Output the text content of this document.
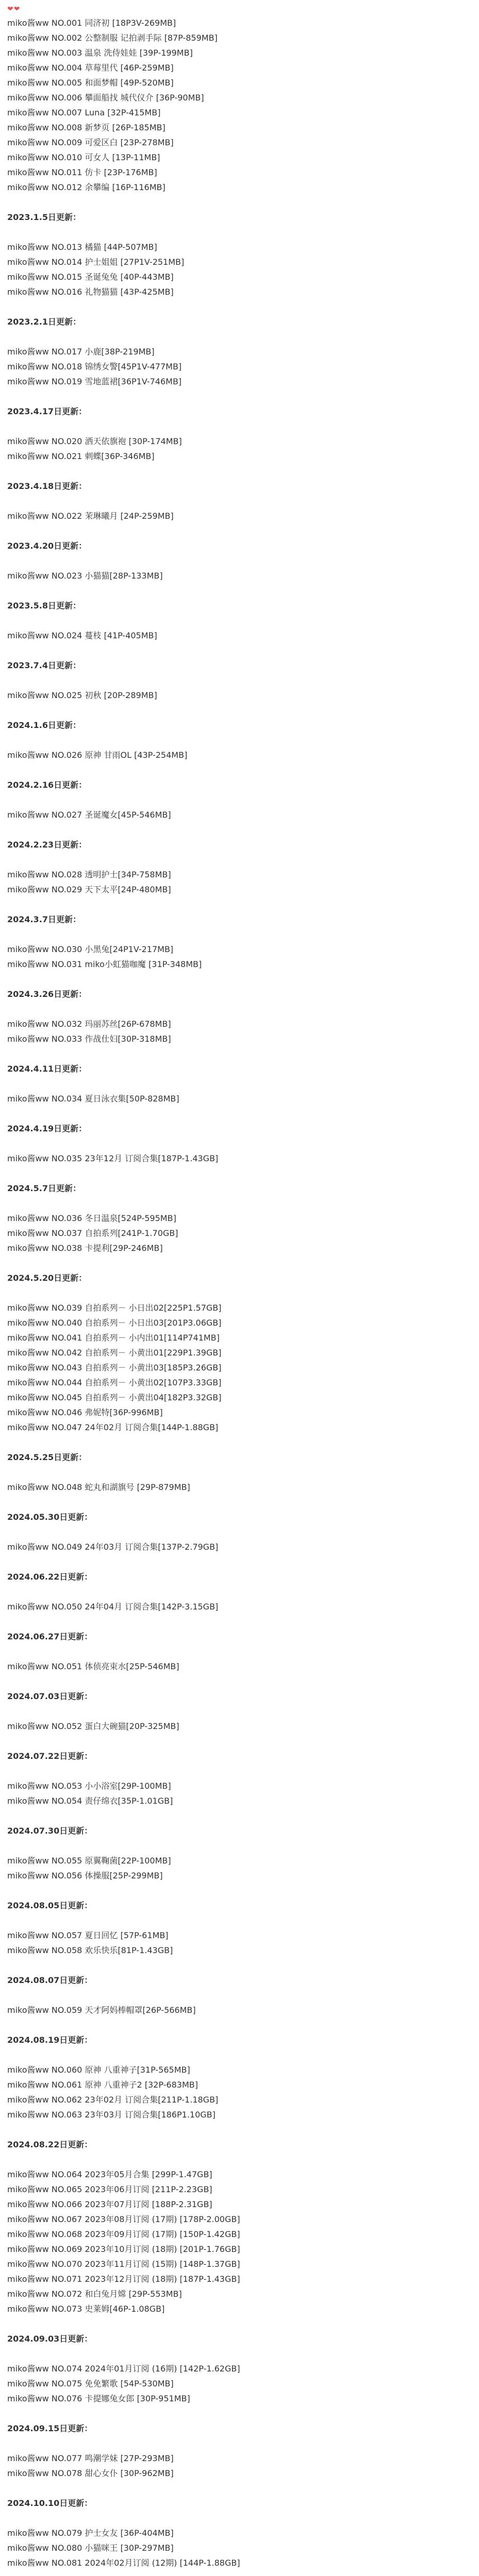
❤❤
miko酱ww NO.001 同济初 [18P3V-269MB]
miko酱ww NO.002 公整制服 记拍剥手际 [87P-859MB]
miko酱ww NO.003 温泉 洗侍娃娃 [39P-199MB]
miko酱ww NO.004 草莓里代 [46P-259MB]
miko酱ww NO.005 和面梦帽 [49P-520MB]
miko酱ww NO.006 攀面船找 城代仪介 [36P-90MB]
miko酱ww NO.007 Luna [32P-415MB]
miko酱ww NO.008 新梦页 [26P-185MB]
miko酱ww NO.009 可爱区白 [23P-278MB]
miko酱ww NO.010 可女人 [13P-11MB]
miko酱ww NO.011 仿卡 [23P-176MB]
miko酱ww NO.012 余攀编 [16P-116MB]
2023.1.5日更新：
miko酱ww NO.013 橘猫 [44P-507MB]
miko酱ww NO.014 护士姐姐 [27P1V-251MB]
miko酱ww NO.015 圣诞兔兔 [40P-443MB]
miko酱ww NO.016 礼物猫猫 [43P-425MB]
2023.2.1日更新：
miko酱ww NO.017 小鹿[38P-219MB]
miko酱ww NO.018 锦绣女警[45P1V-477MB]
miko酱ww NO.019 雪地蓝裙[36P1V-746MB]
2023.4.17日更新：
miko酱ww NO.020 洒天依旗袍 [30P-174MB]
miko酱ww NO.021 刺蝶[36P-346MB]
2023.4.18日更新：
miko酱ww NO.022 茉琳曦月 [24P-259MB]
2023.4.20日更新：
miko酱ww NO.023 小猫猫[28P-133MB]
2023.5.8日更新：
miko酱ww NO.024 蔓枝 [41P-405MB]
2023.7.4日更新：
miko酱ww NO.025 初秋 [20P-289MB]
2024.1.6日更新：
miko酱ww NO.026 原神 甘雨OL [43P-254MB]
2024.2.16日更新：
miko酱ww NO.027 圣诞魔女[45P-546MB]
2024.2.23日更新：
miko酱ww NO.028 透明护士[34P-758MB]
miko酱ww NO.029 天下太平[24P-480MB]
2024.3.7日更新：
miko酱ww NO.030 小黑兔[24P1V-217MB]
miko酱ww NO.031 miko小虹猫咖魔 [31P-348MB]
2024.3.26日更新：
miko酱ww NO.032 玛丽苏丝[26P-678MB]
miko酱ww NO.033 作战仕妇[30P-318MB]
2024.4.11日更新：
miko酱ww NO.034 夏日泳衣集[50P-828MB]
2024.4.19日更新：
miko酱ww NO.035 23年12月 订阅合集[187P-1.43GB]
2024.5.7日更新：
miko酱ww NO.036 冬日温泉[524P-595MB]
miko酱ww NO.037 自拍系列[241P-1.70GB]
miko酱ww NO.038 卡提利[29P-246MB]
2024.5.20日更新：
miko酱ww NO.039 自拍系列－ 小日出02[225P1.57GB]
miko酱ww NO.040 自拍系列－ 小日出03[201P3.06GB]
miko酱ww NO.041 自拍系列－ 小内出01[114P741MB]
miko酱ww NO.042 自拍系列－ 小黄出01[229P1.39GB]
miko酱ww NO.043 自拍系列－ 小黄出03[185P3.26GB]
miko酱ww NO.044 自拍系列－ 小黄出02[107P3.33GB]
miko酱ww NO.045 自拍系列－ 小黄出04[182P3.32GB]
miko酱ww NO.046 弗妮特[36P-996MB]
miko酱ww NO.047 24年02月 订阅合集[144P-1.88GB]
2024.5.25日更新：
miko酱ww NO.048 蛇丸和湖旗号 [29P-879MB]
2024.05.30日更新：
miko酱ww NO.049 24年03月 订阅合集[137P-2.79GB]
2024.06.22日更新：
miko酱ww NO.050 24年04月 订阅合集[142P-3.15GB]
2024.06.27日更新：
miko酱ww NO.051 体侦亮束水[25P-546MB]
2024.07.03日更新：
miko酱ww NO.052 蛋白大碗猫[20P-325MB]
2024.07.22日更新：
miko酱ww NO.053 小小浴室[29P-100MB]
miko酱ww NO.054 责仔绵衣[35P-1.01GB]
2024.07.30日更新：
miko酱ww NO.055 原翼鞠菌[22P-100MB]
miko酱ww NO.056 体操服[25P-299MB]
2024.08.05日更新：
miko酱ww NO.057 夏日回忆 [57P-61MB]
miko酱ww NO.058 欢乐快乐[81P-1.43GB]
2024.08.07日更新：
miko酱ww NO.059 天才阿妈棒帽罩[26P-566MB]
2024.08.19日更新：
miko酱ww NO.060 原神 八重神子[31P-565MB]
miko酱ww NO.061 原神 八重神子2 [32P-683MB]
miko酱ww NO.062 23年02月 订阅合集[211P-1.18GB]
miko酱ww NO.063 23年03月 订阅合集[186P1.10GB]
2024.08.22日更新：
miko酱ww NO.064 2023年05月合集 [299P-1.47GB]
miko酱ww NO.065 2023年06月订阅 [211P-2.23GB]
miko酱ww NO.066 2023年07月订阅 [188P-2.31GB]
miko酱ww NO.067 2023年08月订阅 (17期) [178P-2.00GB]
miko酱ww NO.068 2023年09月订阅 (17期) [150P-1.42GB]
miko酱ww NO.069 2023年10月订阅 (18期) [201P-1.76GB]
miko酱ww NO.070 2023年11月订阅 (15期) [148P-1.37GB]
miko酱ww NO.071 2023年12月订阅 (18期) [187P-1.43GB]
miko酱ww NO.072 和白兔月嫦 [29P-553MB]
miko酱ww NO.073 史莱姆[46P-1.08GB]
2024.09.03日更新：
miko酱ww NO.074 2024年01月订阅 (16期) [142P-1.62GB]
miko酱ww NO.075 免免繁歌 [54P-530MB]
miko酱ww NO.076 卡提娜兔女郎 [30P-951MB]
2024.09.15日更新：
miko酱ww NO.077 鸣潮学妹 [27P-293MB]
miko酱ww NO.078 甜心女仆 [30P-962MB]
2024.10.10日更新：
miko酱ww NO.079 护士女友 [36P-404MB]
miko酱ww NO.080 小猫咪王 [30P-297MB]
miko酱ww NO.081 2024年02月订阅 (12期) [144P-1.88GB]
